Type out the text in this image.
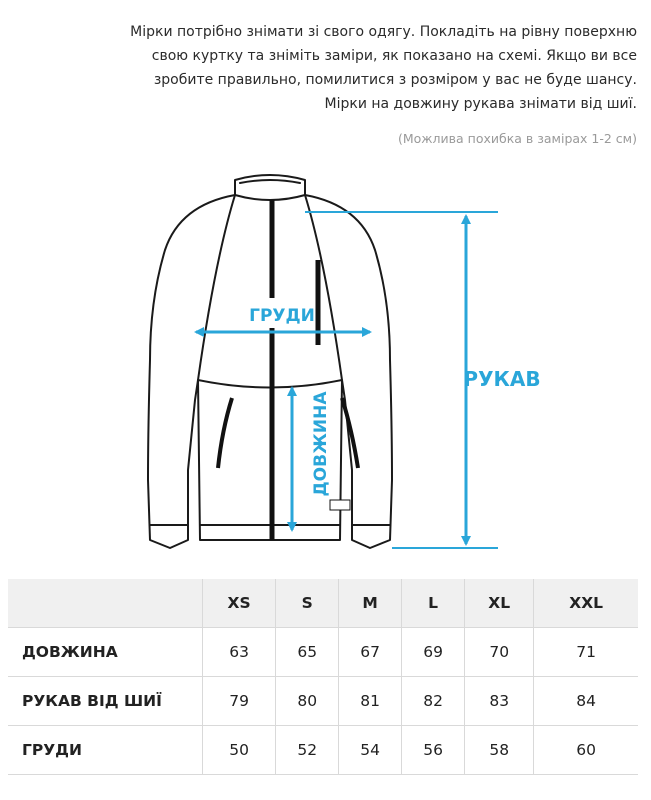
Мірки потрібно знімати зі свого одягу. Покладіть на рівну поверхню
свою куртку та зніміть заміри, як показано на схемі. Якщо ви все
зробите правильно, помилитися з розміром у вас не буде шансу.
Мірки на довжину рукава знімати від шиї.
(Можлива похибка в замірах 1-2 см)
ГРУДИ
РУКАВ
ДОВЖИНА
	XS	S	M	L	XL	XXL
ДОВЖИНА	63	65	67	69	70	71
РУКАВ ВІД ШИЇ	79	80	81	82	83	84
ГРУДИ	50	52	54	56	58	60
